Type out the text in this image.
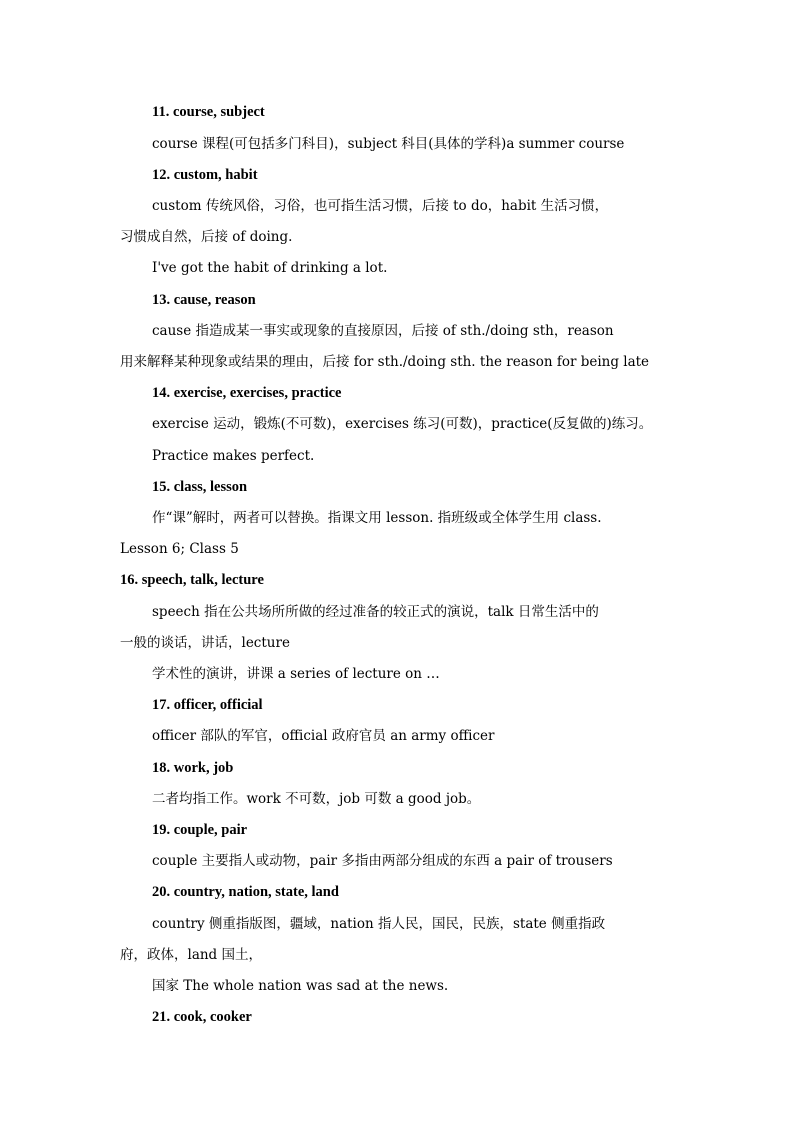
11. course, subject
course 课程(可包括多门科目)，subject 科目(具体的学科)a summer course
12. custom, habit
custom 传统风俗，习俗，也可指生活习惯，后接 to do，habit 生活习惯，
习惯成自然，后接 of doing.
I've got the habit of drinking a lot.
13. cause, reason
cause 指造成某一事实或现象的直接原因，后接 of sth./doing sth，reason
用来解释某种现象或结果的理由，后接 for sth./doing sth. the reason for being late
14. exercise, exercises, practice
exercise 运动，锻炼(不可数)，exercises 练习(可数)，practice(反复做的)练习。
Practice makes perfect.
15. class, lesson
作“课”解时，两者可以替换。指课文用 lesson. 指班级或全体学生用 class.
Lesson 6; Class 5
16. speech, talk, lecture
speech 指在公共场所所做的经过准备的较正式的演说，talk 日常生活中的
一般的谈话，讲话，lecture
学术性的演讲，讲课 a series of lecture on …
17. officer, official
officer 部队的军官，official 政府官员 an army officer
18. work, job
二者均指工作。work 不可数，job 可数 a good job。
19. couple, pair
couple 主要指人或动物，pair 多指由两部分组成的东西 a pair of trousers
20. country, nation, state, land
country 侧重指版图，疆域，nation 指人民，国民，民族，state 侧重指政
府，政体，land 国土，
国家 The whole nation was sad at the news.
21. cook, cooker
